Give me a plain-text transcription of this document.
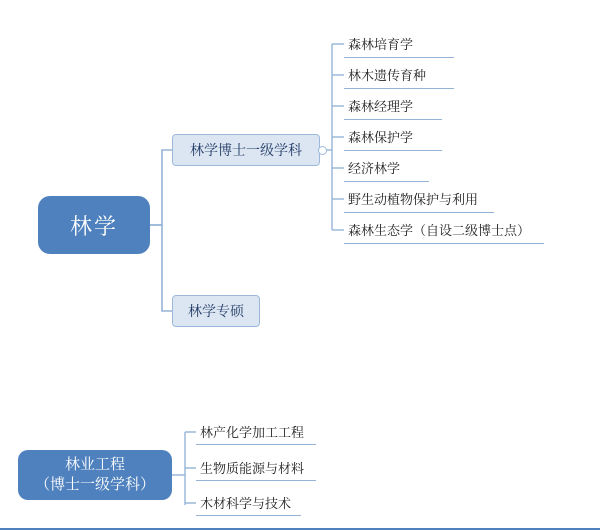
林学
林学博士一级学科
林学专硕
森林培育学
林木遗传育种
森林经理学
森林保护学
经济林学
野生动植物保护与利用
森林生态学（自设二级博士点）
林业工程
（博士一级学科）
林产化学加工工程
生物质能源与材料
木材科学与技术
